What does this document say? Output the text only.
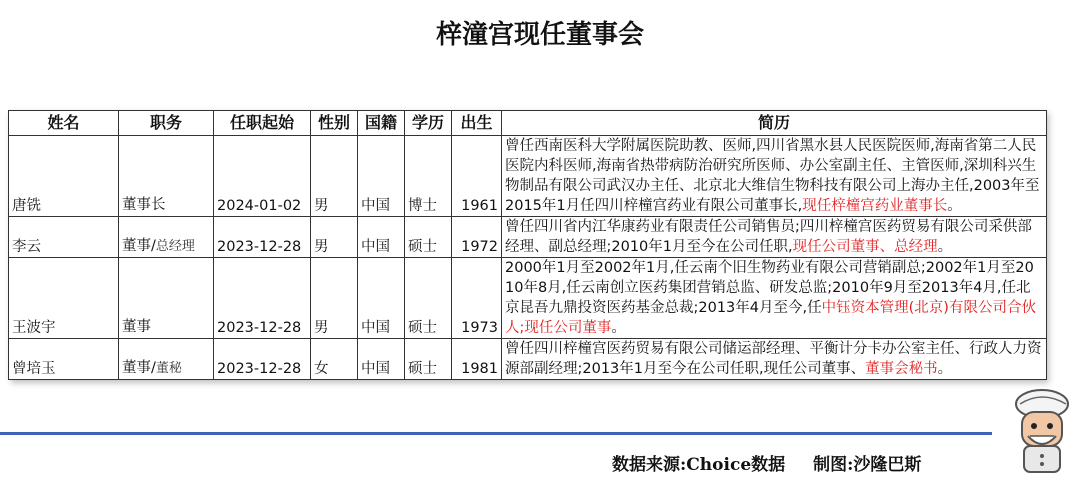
梓潼宫现任董事会
姓名	职务	任职起始	性别	国籍	学历	出生	简历
唐铣	董事长	2024-01-02	男	中国	博士	1961	曾任西南医科大学附属医院助教、医师,四川省黑水县人民医院医师,海南省第二人民医院内科医师,海南省热带病防治研究所医师、办公室副主任、主管医师,深圳科兴生物制品有限公司武汉办主任、北京北大维信生物科技有限公司上海办主任,2003年至2015年1月任四川梓橦宫药业有限公司董事长,现任梓橦宫药业董事长。
李云	董事/总经理	2023-12-28	男	中国	硕士	1972	曾任四川省内江华康药业有限责任公司销售员;四川梓橦宫医药贸易有限公司采供部经理、副总经理;2010年1月至今在公司任职,现任公司董事、总经理。
王波宇	董事	2023-12-28	男	中国	硕士	1973	2000年1月至2002年1月,任云南个旧生物药业有限公司营销副总;2002年1月至2010年8月,任云南创立医药集团营销总监、研发总监;2010年9月至2013年4月,任北京昆吾九鼎投资医药基金总裁;2013年4月至今,任中钰资本管理(北京)有限公司合伙人;现任公司董事。
曾培玉	董事/董秘	2023-12-28	女	中国	硕士	1981	曾任四川梓橦宫医药贸易有限公司储运部经理、平衡计分卡办公室主任、行政人力资源部副经理;2013年1月至今在公司任职,现任公司董事、董事会秘书。
数据来源:Choice数据 制图:沙隆巴斯
